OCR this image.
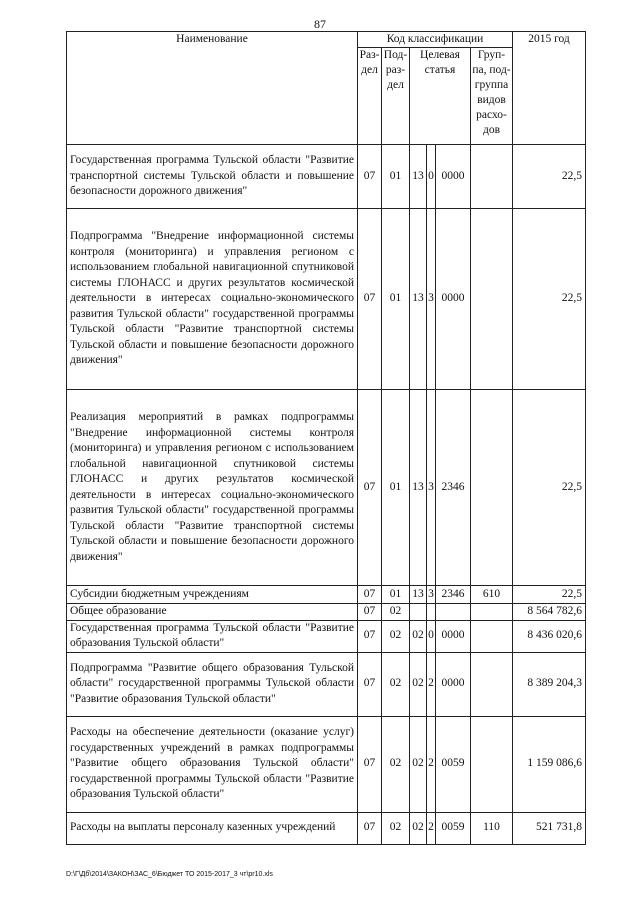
87
Наименование	Код классификации						2015 год
	Раз-дел	Под-раз-дел	Целевая статья			Груп-па, под-группа видов расхо-дов	
Государственная программа Тульской области "Развитие транспортной системы Тульской области и повышение безопасности дорожного движения"	07	01	13	0	0000		22,5
Подпрограмма "Внедрение информационной системы контроля (мониторинга) и управления регионом с использованием глобальной навигационной спутниковой системы ГЛОНАСС и других результатов космической деятельности в интересах социально-экономического развития Тульской области" государственной программы Тульской области "Развитие транспортной системы Тульской области и повышение безопасности дорожного движения"	07	01	13	3	0000		22,5
Реализация мероприятий в рамках подпрограммы "Внедрение информационной системы контроля (мониторинга) и управления регионом с использованием глобальной навигационной спутниковой системы ГЛОНАСС и других результатов космической деятельности в интересах социально-экономического развития Тульской области" государственной программы Тульской области "Развитие транспортной системы Тульской области и повышение безопасности дорожного движения"	07	01	13	3	2346		22,5
Субсидии бюджетным учреждениям	07	01	13	3	2346	610	22,5
Общее образование	07	02					8 564 782,6
Государственная программа Тульской области "Развитие образования Тульской области"	07	02	02	0	0000		8 436 020,6
Подпрограмма "Развитие общего образования Тульской области" государственной программы Тульской области "Развитие образования Тульской области"	07	02	02	2	0000		8 389 204,3
Расходы на обеспечение деятельности (оказание услуг) государственных учреждений в рамках подпрограммы "Развитие общего образования Тульской области" государственной программы Тульской области "Развитие образования Тульской области"	07	02	02	2	0059		1 159 086,6
Расходы на выплаты персоналу казенных учреждений	07	02	02	2	0059	110	521 731,8
D:\Г\Дб\2014\ЗАКОН\ЗАС_6\Бюджет ТО 2015-2017_3 чт\pr10.xls
